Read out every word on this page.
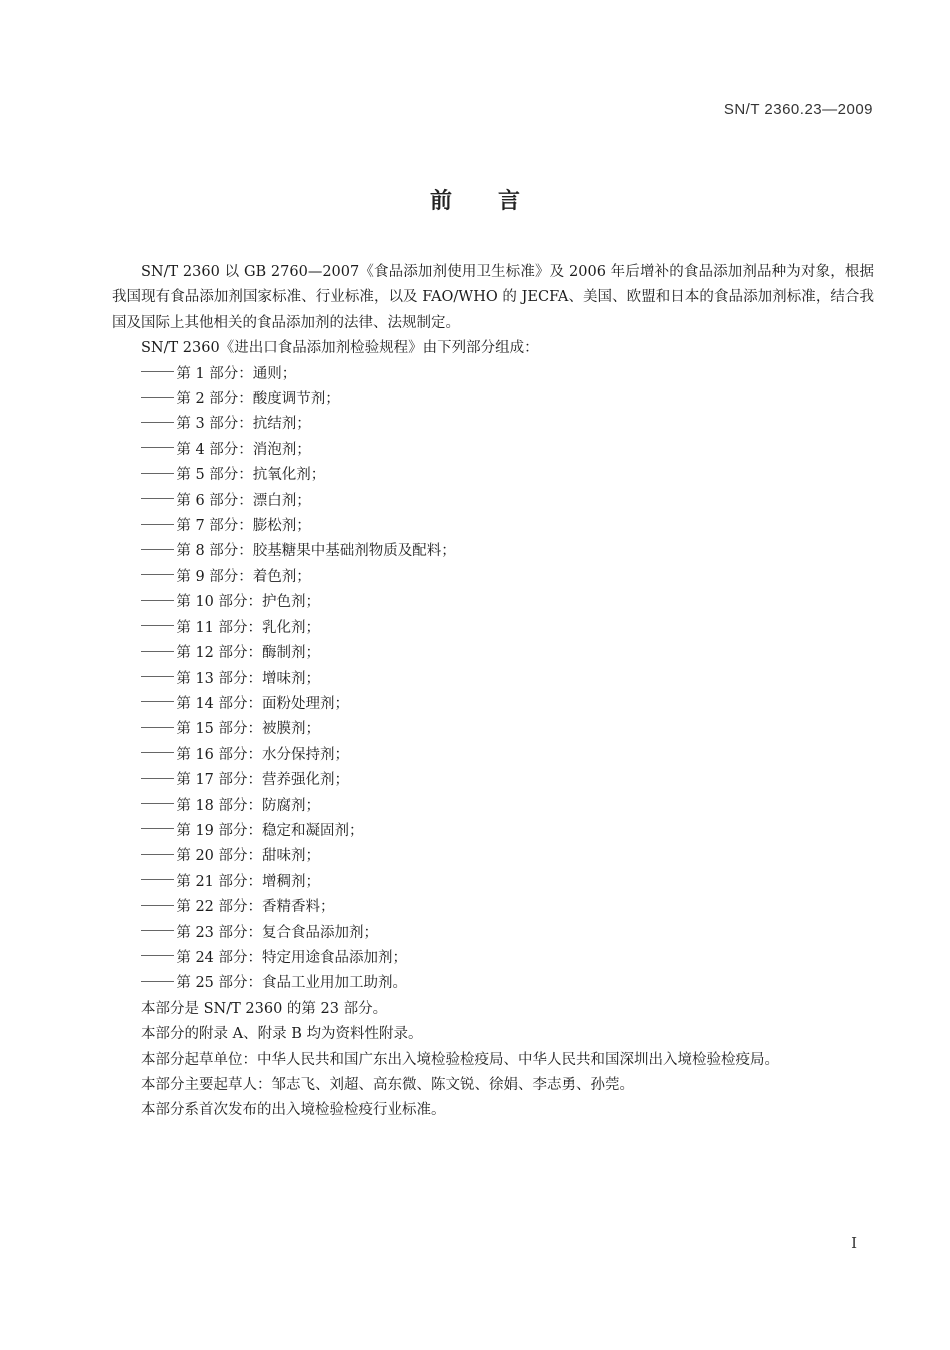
SN/T 2360.23—2009
前言

SN/T 2360 以 GB 2760—2007《食品添加剂使用卫生标准》及 2006 年后增补的食品添加剂品种为对象，根据我国现有食品添加剂国家标准、行业标准，以及 FAO/WHO 的 JECFA、美国、欧盟和日本的食品添加剂标准，结合我国及国际上其他相关的食品添加剂的法律、法规制定。

SN/T 2360《进出口食品添加剂检验规程》由下列部分组成：

第 1 部分：通则；
第 2 部分：酸度调节剂；
第 3 部分：抗结剂；
第 4 部分：消泡剂；
第 5 部分：抗氧化剂；
第 6 部分：漂白剂；
第 7 部分：膨松剂；
第 8 部分：胶基糖果中基础剂物质及配料；
第 9 部分：着色剂；
第 10 部分：护色剂；
第 11 部分：乳化剂；
第 12 部分：酶制剂；
第 13 部分：增味剂；
第 14 部分：面粉处理剂；
第 15 部分：被膜剂；
第 16 部分：水分保持剂；
第 17 部分：营养强化剂；
第 18 部分：防腐剂；
第 19 部分：稳定和凝固剂；
第 20 部分：甜味剂；
第 21 部分：增稠剂；
第 22 部分：香精香料；
第 23 部分：复合食品添加剂；
第 24 部分：特定用途食品添加剂；
第 25 部分：食品工业用加工助剂。

本部分是 SN/T 2360 的第 23 部分。

本部分的附录 A、附录 B 均为资料性附录。

本部分起草单位：中华人民共和国广东出入境检验检疫局、中华人民共和国深圳出入境检验检疫局。

本部分主要起草人：邹志飞、刘超、高东微、陈文锐、徐娟、李志勇、孙莞。

本部分系首次发布的出入境检验检疫行业标准。

I
